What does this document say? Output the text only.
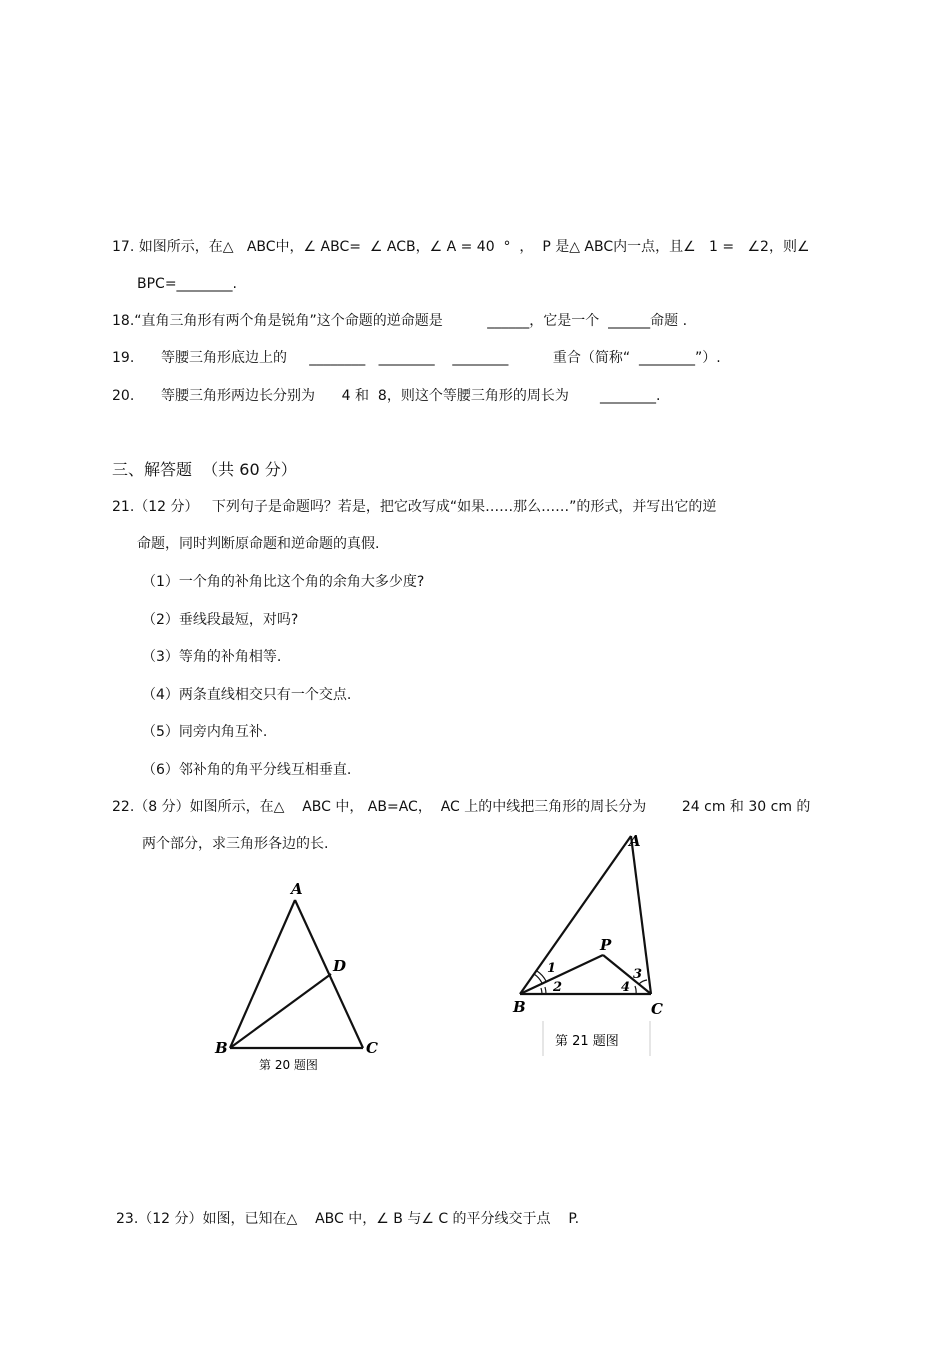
17. 如图所示，在△   ABC中，∠ ABC=  ∠ ACB，∠ A = 40  °  ，  P 是△ ABC内一点，且∠   1 =   ∠2，则∠
BPC=________.
18.“直角三角形有两个角是锐角”这个命题的逆命题是          ______，它是一个  ______命题 .
19.      等腰三角形底边上的     ________   ________    ________          重合（简称“  ________”）.
20.      等腰三角形两边长分别为      4 和  8，则这个等腰三角形的周长为       ________.
三、解答题  （共 60 分）
21.（12 分）   下列句子是命题吗？若是，把它改写成“如果……那么……”的形式，并写出它的逆
命题，同时判断原命题和逆命题的真假.
（1）一个角的补角比这个角的余角大多少度?
（2）垂线段最短，对吗?
（3）等角的补角相等.
（4）两条直线相交只有一个交点.
（5）同旁内角互补.
（6）邻补角的角平分线互相垂直.
22.（8 分）如图所示，在△    ABC 中， AB=AC，  AC 上的中线把三角形的周长分为        24 cm 和 30 cm 的
两个部分，求三角形各边的长.
A
B	C
D
第 20 题图
A
B	C
P
1
2
3
4
第 21 题图
23.（12 分）如图，已知在△    ABC 中，∠ B 与∠ C 的平分线交于点    P.
